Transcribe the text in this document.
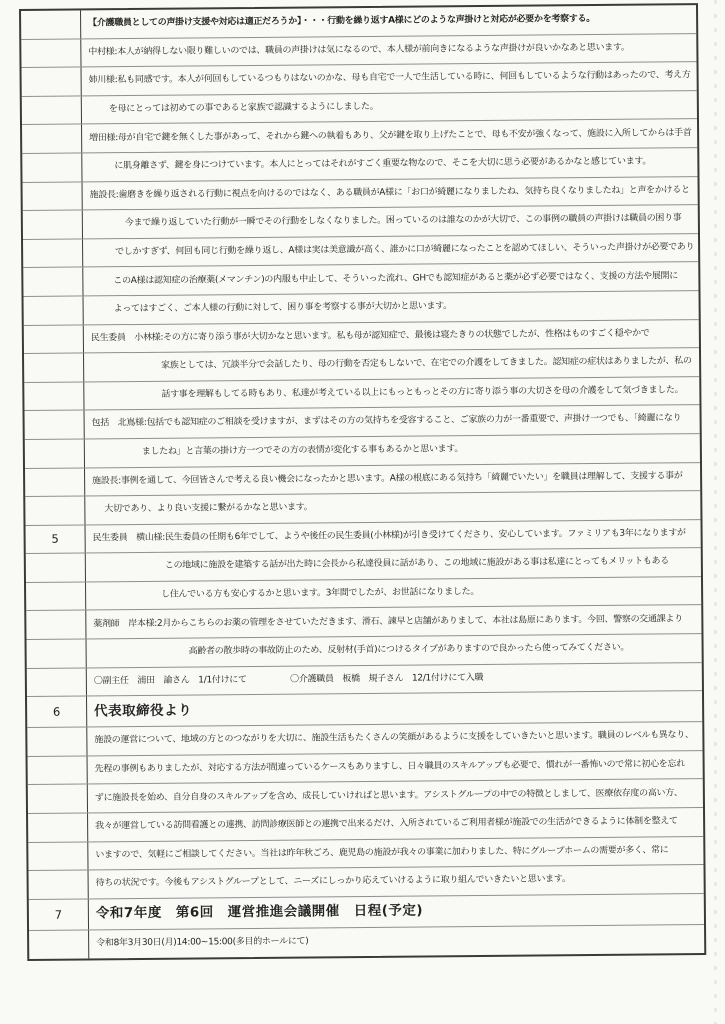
【介護職員としての声掛け支援や対応は適正だろうか】・・・行動を繰り返すA様にどのような声掛けと対応が必要かを考察する。
中村様:本人が納得しない限り難しいのでは、職員の声掛けは気になるので、本人様が前向きになるような声掛けが良いかなあと思います。
姉川様:私も同感です。本人が何回もしているつもりはないのかな、母も自宅で一人で生活している時に、何回もしているような行動はあったので、考え方
を母にとっては初めての事であると家族で認識するようにしました。
増田様:母が自宅で鍵を無くした事があって、それから鍵への執着もあり、父が鍵を取り上げたことで、母も不安が強くなって、施設に入所してからは手首
に肌身離さず、鍵を身につけています。本人にとってはそれがすごく重要な物なので、そこを大切に思う必要があるかなと感じています。
施設長:歯磨きを繰り返される行動に視点を向けるのではなく、ある職員がA様に「お口が綺麗になりましたね、気持ち良くなりましたね」と声をかけると
今まで繰り返していた行動が一瞬でその行動をしなくなりました。困っているのは誰なのかが大切で、この事例の職員の声掛けは職員の困り事
でしかすぎず、何回も同じ行動を繰り返し、A様は実は美意識が高く、誰かに口が綺麗になったことを認めてほしい、そういった声掛けが必要であり
このA様は認知症の治療薬(メマンチン)の内服も中止して、そういった流れ、GHでも認知症があると薬が必ず必要ではなく、支援の方法や展開に
よってはすごく、ご本人様の行動に対して、困り事を考察する事が大切かと思います。
民生委員　小林様:その方に寄り添う事が大切かなと思います。私も母が認知症で、最後は寝たきりの状態でしたが、性格はものすごく穏やかで
家族としては、冗談半分で会話したり、母の行動を否定もしないで、在宅での介護をしてきました。認知症の症状はありましたが、私の
話す事を理解もしてる時もあり、私達が考えている以上にもっともっとその方に寄り添う事の大切さを母の介護をして気づきました。
包括　北嶌様:包括でも認知症のご相談を受けますが、まずはその方の気持ちを受容すること、ご家族の力が一番重要で、声掛け一つでも、「綺麗になり
ましたね」と言葉の掛け方一つでその方の表情が変化する事もあるかと思います。
施設長:事例を通して、今回皆さんで考える良い機会になったかと思います。A様の根底にある気持ち「綺麗でいたい」を職員は理解して、支援する事が
大切であり、より良い支援に繋がるかなと思います。
5	民生委員　横山様:民生委員の任期も6年でして、ようや後任の民生委員(小林様)が引き受けてくださり、安心しています。ファミリアも3年になりますが
この地域に施設を建築する話が出た時に会長から私達役員に話があり、この地域に施設がある事は私達にとってもメリットもある
し住んでいる方も安心するかと思います。3年間でしたが、お世話になりました。
薬剤師　岸本様:2月からこちらのお薬の管理をさせていただきます、滑石、諫早と店舗がありまして、本社は島原にあります。今回、警察の交通課より
高齢者の散歩時の事故防止のため、反射材(手首)につけるタイプがありますので良かったら使ってみてください。
〇副主任　浦田　諭さん　1/1付けにて　　　　　〇介護職員　板橋　規子さん　12/1付けにて入職
6	代表取締役より
施設の運営について、地域の方とのつながりを大切に、施設生活もたくさんの笑顔があるように支援をしていきたいと思います。職員のレベルも異なり、
先程の事例もありましたが、対応する方法が間違っているケースもありますし、日々職員のスキルアップも必要で、慣れが一番怖いので常に初心を忘れ
ずに施設長を始め、自分自身のスキルアップを含め、成長していければと思います。アシストグループの中での特徴としまして、医療依存度の高い方、
我々が運営している訪問看護との連携、訪問診療医師との連携で出来るだけ、入所されているご利用者様が施設での生活ができるように体制を整えて
いますので、気軽にご相談してください。当社は昨年秋ごろ、鹿児島の施設が我々の事業に加わりました、特にグループホームの需要が多く、常に
待ちの状況です。今後もアシストグループとして、ニーズにしっかり応えていけるように取り組んでいきたいと思います。
7	令和7年度　第6回　運営推進会議開催　日程(予定)
令和8年3月30日(月)14:00~15:00(多目的ホールにて)
